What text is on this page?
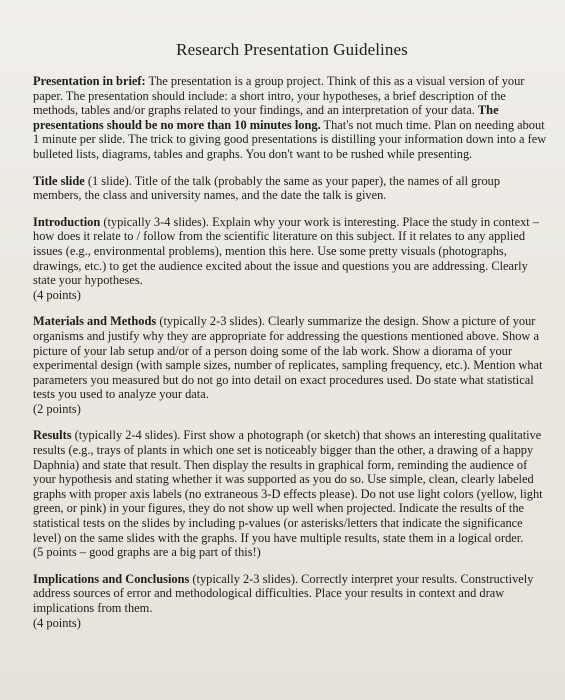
Research Presentation Guidelines

Presentation in brief: The presentation is a group project. Think of this as a visual version of your paper. The presentation should include: a short intro, your hypotheses, a brief description of the methods, tables and/or graphs related to your findings, and an interpretation of your data. The presentations should be no more than 10 minutes long. That's not much time. Plan on needing about 1 minute per slide. The trick to giving good presentations is distilling your information down into a few bulleted lists, diagrams, tables and graphs. You don't want to be rushed while presenting.

Title slide (1 slide). Title of the talk (probably the same as your paper), the names of all group members, the class and university names, and the date the talk is given.

Introduction (typically 3-4 slides). Explain why your work is interesting. Place the study in context – how does it relate to / follow from the scientific literature on this subject. If it relates to any applied issues (e.g., environmental problems), mention this here. Use some pretty visuals (photographs, drawings, etc.) to get the audience excited about the issue and questions you are addressing. Clearly state your hypotheses.
(4 points)

Materials and Methods (typically 2-3 slides). Clearly summarize the design. Show a picture of your organisms and justify why they are appropriate for addressing the questions mentioned above. Show a picture of your lab setup and/or of a person doing some of the lab work. Show a diorama of your experimental design (with sample sizes, number of replicates, sampling frequency, etc.). Mention what parameters you measured but do not go into detail on exact procedures used. Do state what statistical tests you used to analyze your data.
(2 points)

Results (typically 2-4 slides). First show a photograph (or sketch) that shows an interesting qualitative results (e.g., trays of plants in which one set is noticeably bigger than the other, a drawing of a happy Daphnia) and state that result. Then display the results in graphical form, reminding the audience of your hypothesis and stating whether it was supported as you do so. Use simple, clean, clearly labeled graphs with proper axis labels (no extraneous 3-D effects please). Do not use light colors (yellow, light green, or pink) in your figures, they do not show up well when projected. Indicate the results of the statistical tests on the slides by including p-values (or asterisks/letters that indicate the significance level) on the same slides with the graphs. If you have multiple results, state them in a logical order.
(5 points – good graphs are a big part of this!)

Implications and Conclusions (typically 2-3 slides). Correctly interpret your results. Constructively address sources of error and methodological difficulties. Place your results in context and draw implications from them.
(4 points)
